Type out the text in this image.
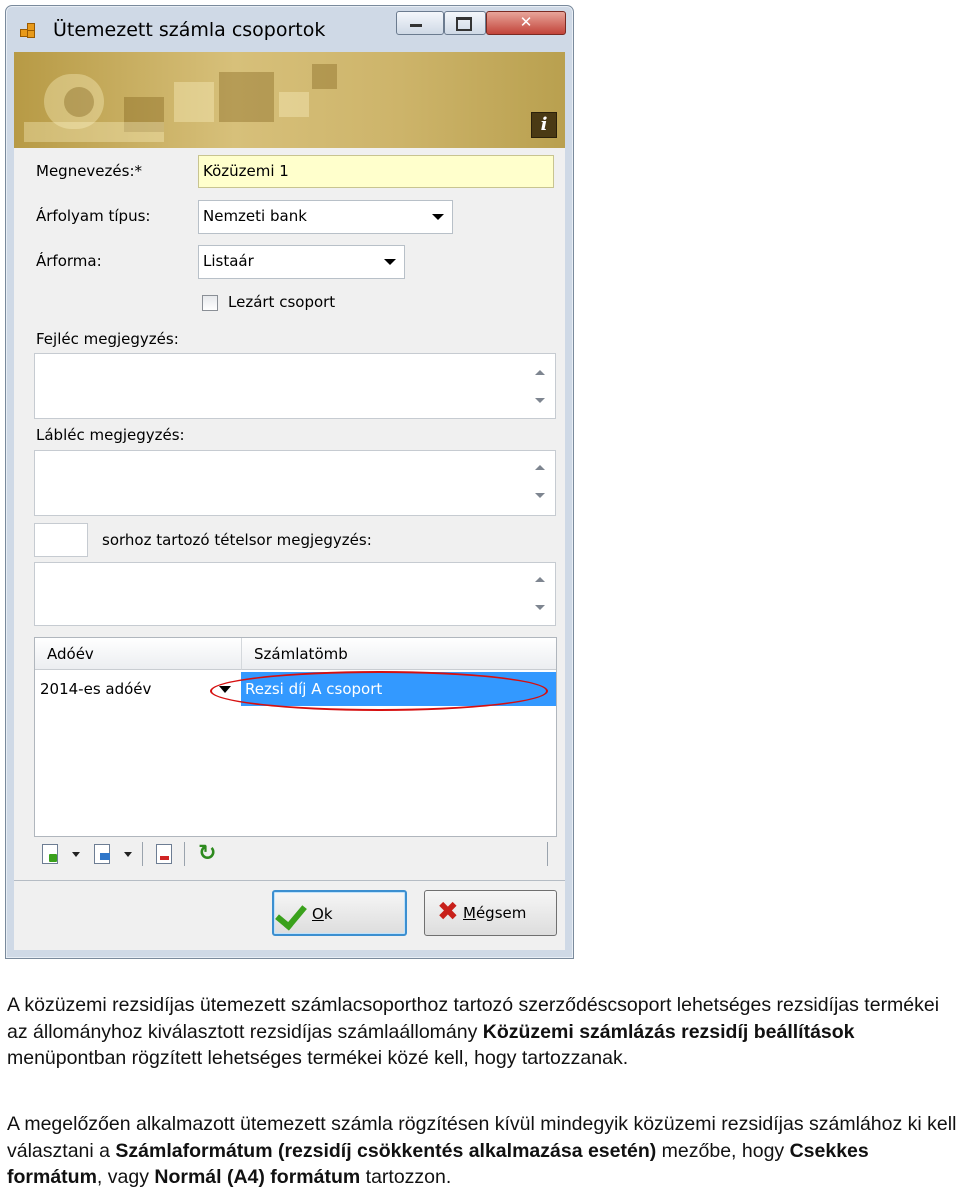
Ütemezett számla csoportok	✕
i
Megnevezés:*	Közüzemi 1
Árfolyam típus:	Nemzeti bank
Árforma:	Listaár
Lezárt csoport
Fejléc megjegyzés:
Lábléc megjegyzés:
sorhoz tartozó tételsor megjegyzés:
Adóév	Számlatömb
2014-es adóév	Rezsi díj A csoport
↻
Ok	✖ Mégsem
A közüzemi rezsidíjas ütemezett számlacsoporthoz tartozó szerződéscsoport lehetséges rezsidíjas termékei az állományhoz kiválasztott rezsidíjas számlaállomány Közüzemi számlázás rezsidíj beállítások menüpontban rögzített lehetséges termékei közé kell, hogy tartozzanak.
A megelőzően alkalmazott ütemezett számla rögzítésen kívül mindegyik közüzemi rezsidíjas számlához ki kell választani a Számlaformátum (rezsidíj csökkentés alkalmazása esetén) mezőbe, hogy Csekkes formátum, vagy Normál (A4) formátum tartozzon.
